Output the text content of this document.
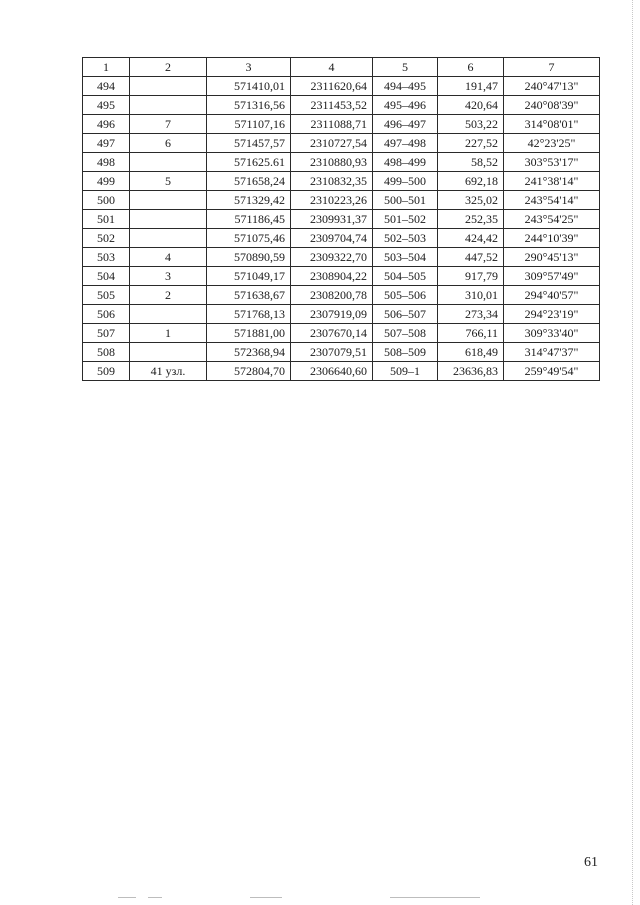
1	2	3	4	5	6	7
494		571410,01	2311620,64	494–495	191,47	240°47'13"
495		571316,56	2311453,52	495–496	420,64	240°08'39"
496	7	571107,16	2311088,71	496–497	503,22	314°08'01"
497	6	571457,57	2310727,54	497–498	227,52	42°23'25"
498		571625.61	2310880,93	498–499	58,52	303°53'17"
499	5	571658,24	2310832,35	499–500	692,18	241°38'14"
500		571329,42	2310223,26	500–501	325,02	243°54'14"
501		571186,45	2309931,37	501–502	252,35	243°54'25"
502		571075,46	2309704,74	502–503	424,42	244°10'39"
503	4	570890,59	2309322,70	503–504	447,52	290°45'13"
504	3	571049,17	2308904,22	504–505	917,79	309°57'49"
505	2	571638,67	2308200,78	505–506	310,01	294°40'57"
506		571768,13	2307919,09	506–507	273,34	294°23'19"
507	1	571881,00	2307670,14	507–508	766,11	309°33'40"
508		572368,94	2307079,51	508–509	618,49	314°47'37"
509	41 узл.	572804,70	2306640,60	509–1	23636,83	259°49'54"
61
